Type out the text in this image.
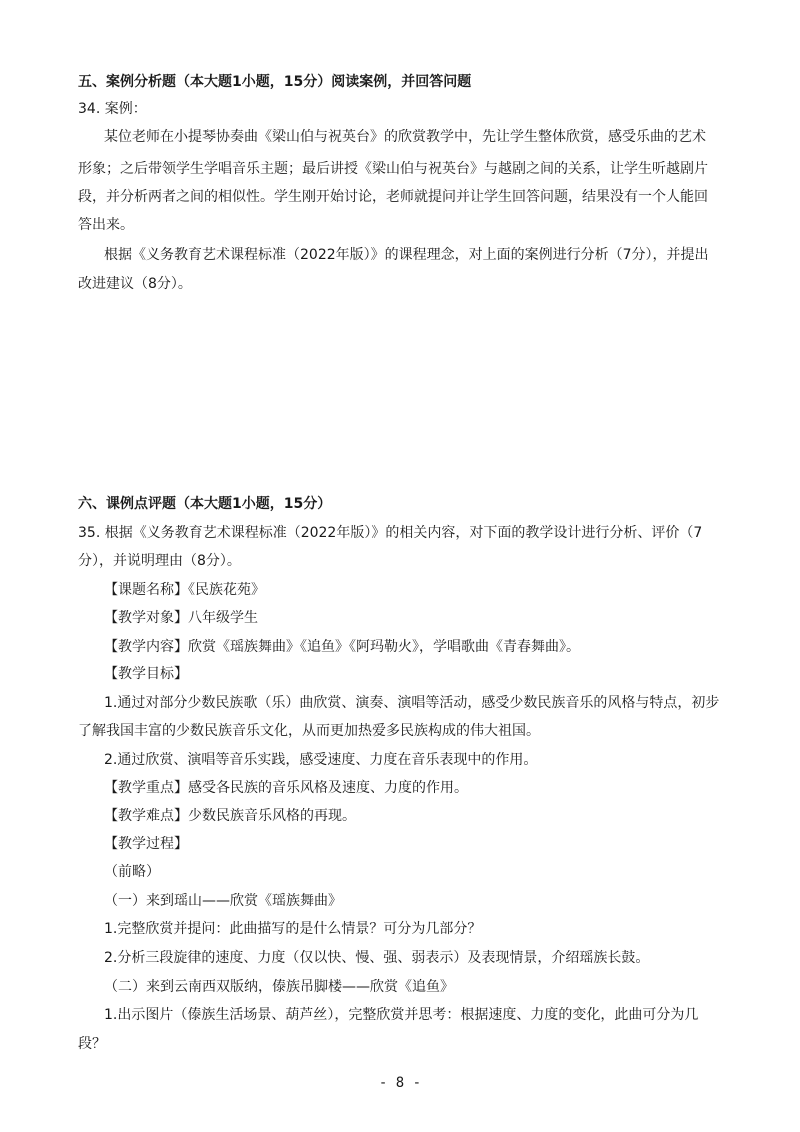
五、案例分析题（本大题1小题，15分）阅读案例，并回答问题
34. 案例：
某位老师在小提琴协奏曲《梁山伯与祝英台》的欣赏教学中，先让学生整体欣赏，感受乐曲的艺术
形象；之后带领学生学唱音乐主题；最后讲授《梁山伯与祝英台》与越剧之间的关系，让学生听越剧片
段，并分析两者之间的相似性。学生刚开始讨论，老师就提问并让学生回答问题，结果没有一个人能回
答出来。
根据《义务教育艺术课程标准（2022年版）》的课程理念，对上面的案例进行分析（7分），并提出
改进建议（8分）。
六、课例点评题（本大题1小题，15分）
35. 根据《义务教育艺术课程标准（2022年版）》的相关内容，对下面的教学设计进行分析、评价（7
分），并说明理由（8分）。
【课题名称】《民族花苑》
【教学对象】八年级学生
【教学内容】欣赏《瑶族舞曲》《追鱼》《阿玛勒火》，学唱歌曲《青春舞曲》。
【教学目标】
1.通过对部分少数民族歌（乐）曲欣赏、演奏、演唱等活动，感受少数民族音乐的风格与特点，初步
了解我国丰富的少数民族音乐文化，从而更加热爱多民族构成的伟大祖国。
2.通过欣赏、演唱等音乐实践，感受速度、力度在音乐表现中的作用。
【教学重点】感受各民族的音乐风格及速度、力度的作用。
【教学难点】少数民族音乐风格的再现。
【教学过程】
（前略）
（一）来到瑶山——欣赏《瑶族舞曲》
1.完整欣赏并提问：此曲描写的是什么情景？可分为几部分？
2.分析三段旋律的速度、力度（仅以快、慢、强、弱表示）及表现情景，介绍瑶族长鼓。
（二）来到云南西双版纳，傣族吊脚楼——欣赏《追鱼》
1.出示图片（傣族生活场景、葫芦丝），完整欣赏并思考：根据速度、力度的变化，此曲可分为几
段？
- 8 -
